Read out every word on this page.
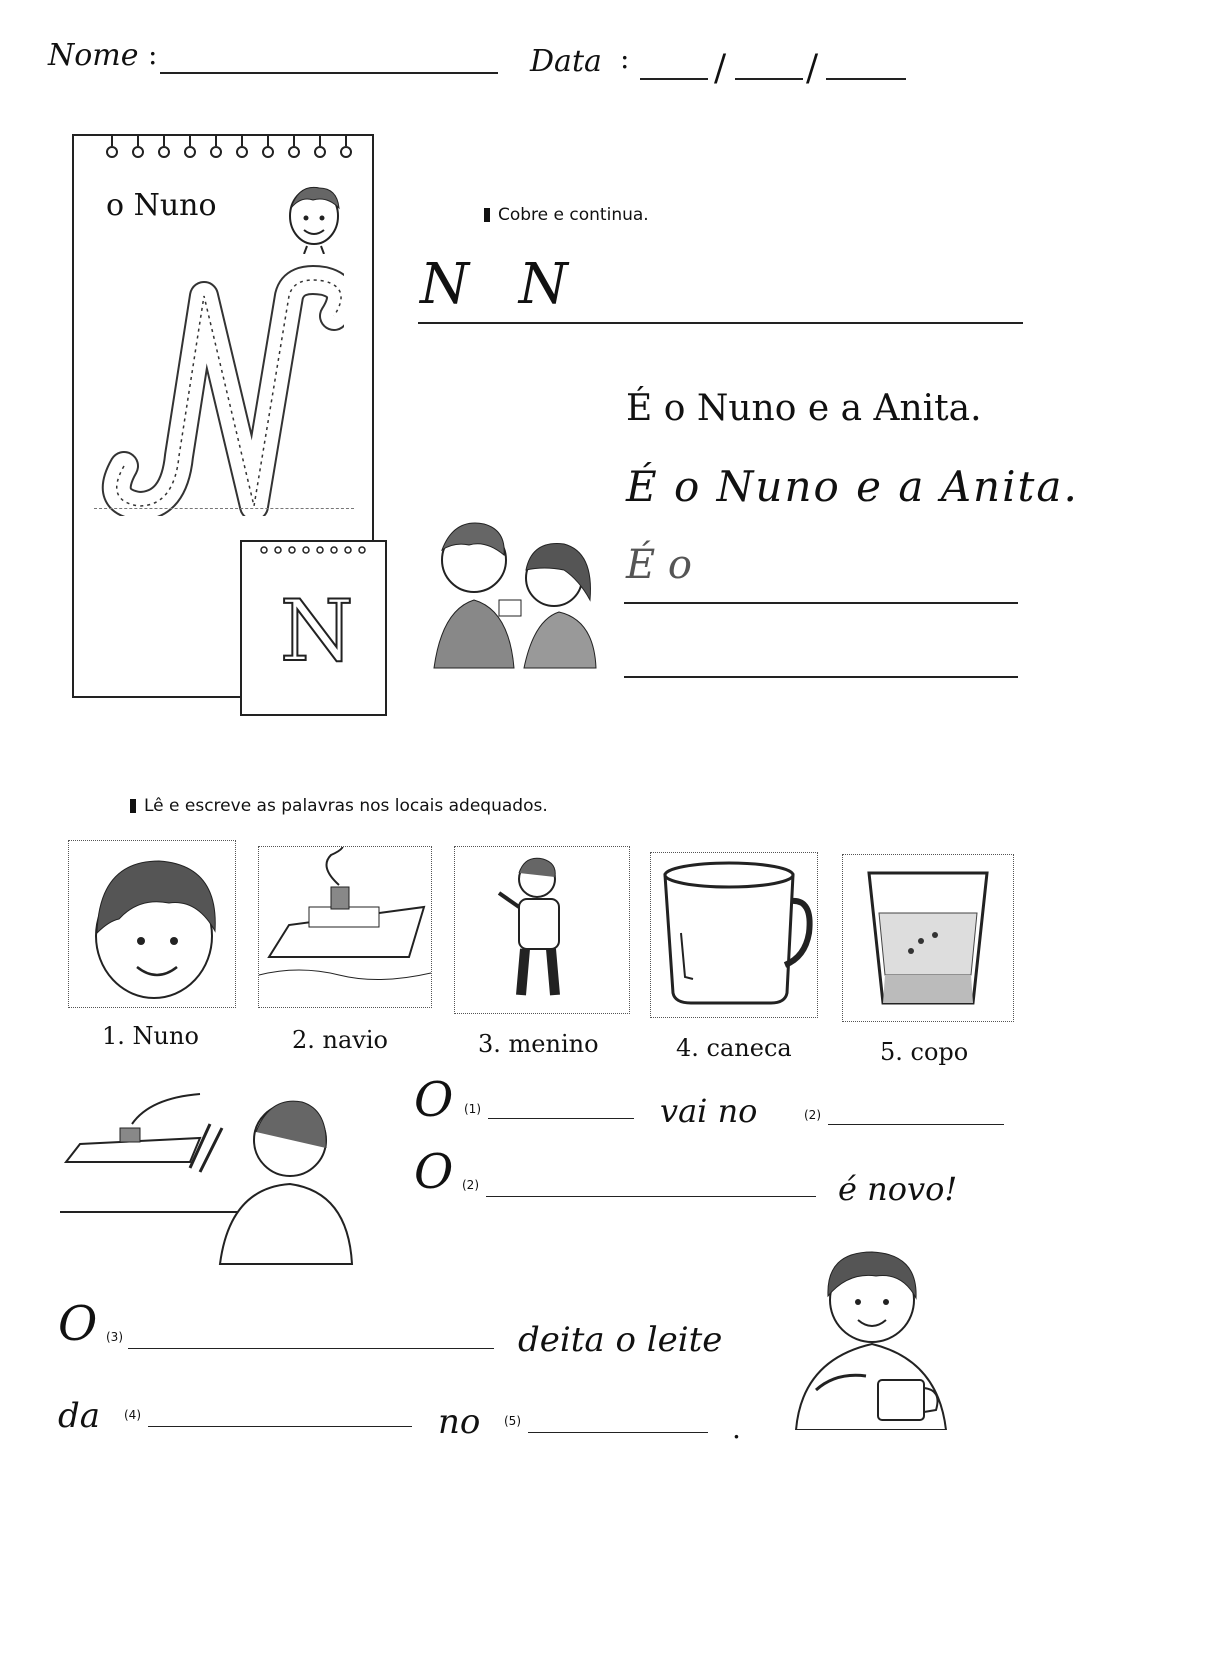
Nome :	Data : / /
o Nuno
N
Cobre e continua.
N N
É o Nuno e a Anita.
É o Nuno e a Anita.
É o
Lê e escreve as palavras nos locais adequados.
1. Nuno	2. navio	3. menino	4. caneca	5. copo
O (1)	vai no	(2)
O (2)	é novo!
O (3)	deita o leite
da (4)	no (5)	.
